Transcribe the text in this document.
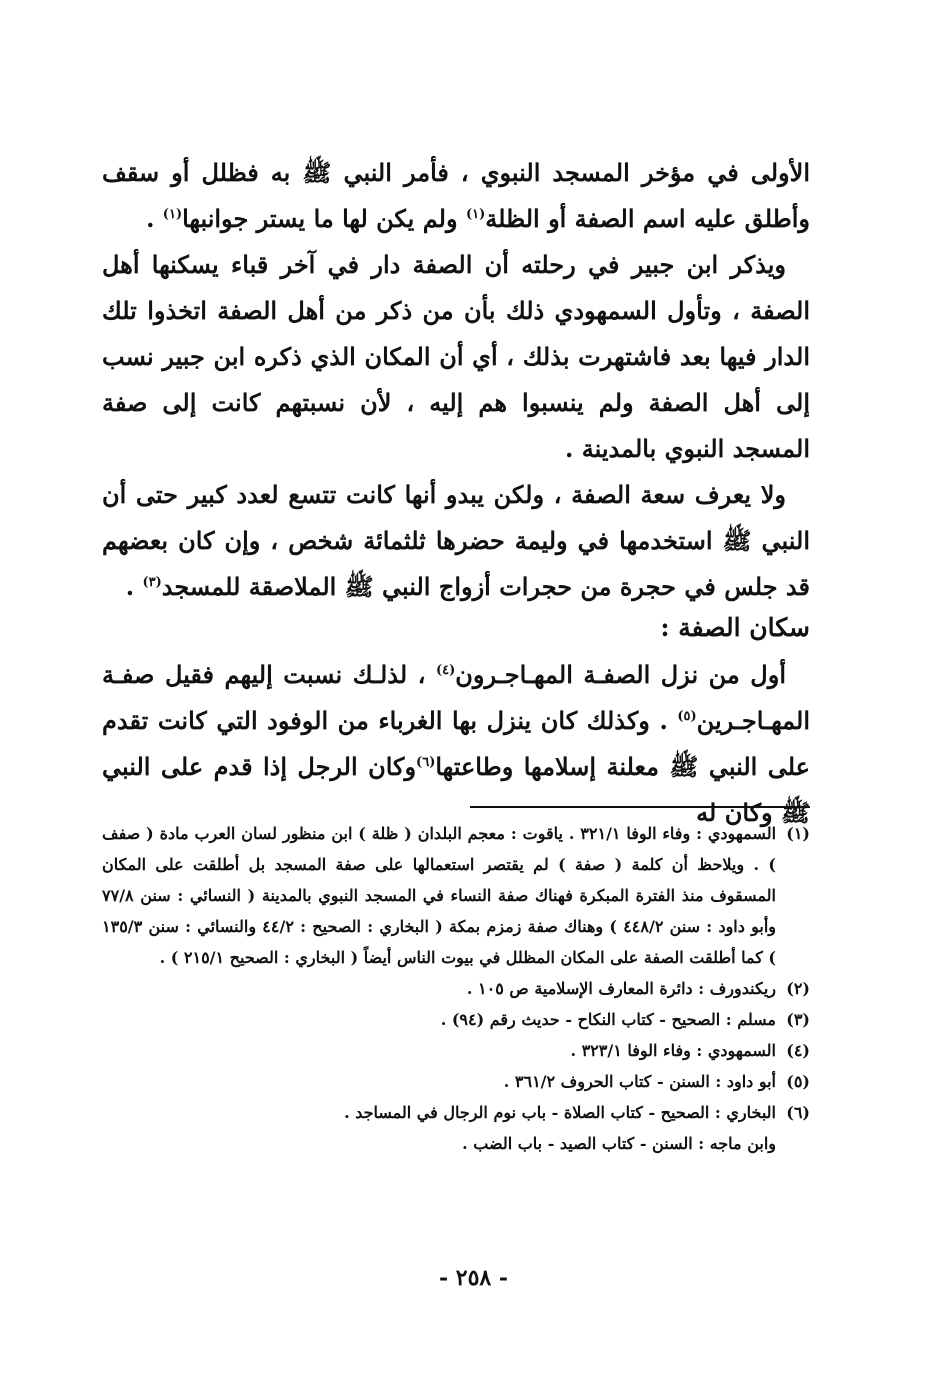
الأولى في مؤخر المسجد النبوي ، فأمر النبي ﷺ به فظلل أو سقف وأطلق عليه اسم الصفة أو الظلة$^{(١)}$ ولم يكن لها ما يستر جوانبها$^{(١)}$ .

ويذكر ابن جبير في رحلته أن الصفة دار في آخر قباء يسكنها أهل الصفة ، وتأول السمهودي ذلك بأن من ذكر من أهل الصفة اتخذوا تلك الدار فيها بعد فاشتهرت بذلك ، أي أن المكان الذي ذكره ابن جبير نسب إلى أهل الصفة ولم ينسبوا هم إليه ، لأن نسبتهم كانت إلى صفة المسجد النبوي بالمدينة .

ولا يعرف سعة الصفة ، ولكن يبدو أنها كانت تتسع لعدد كبير حتى أن النبي ﷺ استخدمها في وليمة حضرها ثلثمائة شخص ، وإن كان بعضهم قد جلس في حجرة من حجرات أزواج النبي ﷺ الملاصقة للمسجد$^{(٣)}$ .

سكان الصفة :

أول من نزل الصفـة المهـاجـرون$^{(٤)}$ ، لذلـك نسبت إليهم فقيل صفـة المهـاجـرين$^{(٥)}$ . وكذلك كان ينزل بها الغرباء من الوفود التي كانت تقدم على النبي ﷺ معلنة إسلامها وطاعتها$^{(٦)}$وكان الرجل إذا قدم على النبي ﷺ وكان له

(١)
السمهودي : وفاء الوفا ٣٢١/١ . ياقوت : معجم البلدان ( ظلة ) ابن منظور لسان العرب مادة ( صفف ) . ويلاحظ أن كلمة ( صفة ) لم يقتصر استعمالها على صفة المسجد بل أطلقت على المكان المسقوف منذ الفترة المبكرة فهناك صفة النساء في المسجد النبوي بالمدينة ( النسائي : سنن ٧٧/٨ وأبو داود : سنن ٤٤٨/٢ ) وهناك صفة زمزم بمكة ( البخاري : الصحيح : ٤٤/٢ والنسائي : سنن ١٣٥/٣ ) كما أطلقت الصفة على المكان المظلل في بيوت الناس أيضاً ( البخاري : الصحيح ٢١٥/١ ) .
(٢)
ريكندورف : دائرة المعارف الإسلامية ص ١٠٥ .
(٣)
مسلم : الصحيح - كتاب النكاح - حديث رقم (٩٤) .
(٤)
السمهودي : وفاء الوفا ٣٢٣/١ .
(٥)
أبو داود : السنن - كتاب الحروف ٣٦١/٢ .
(٦)
البخاري : الصحيح - كتاب الصلاة - باب نوم الرجال في المساجد .
وابن ماجه : السنن - كتاب الصيد - باب الضب .
- ٢٥٨ -
